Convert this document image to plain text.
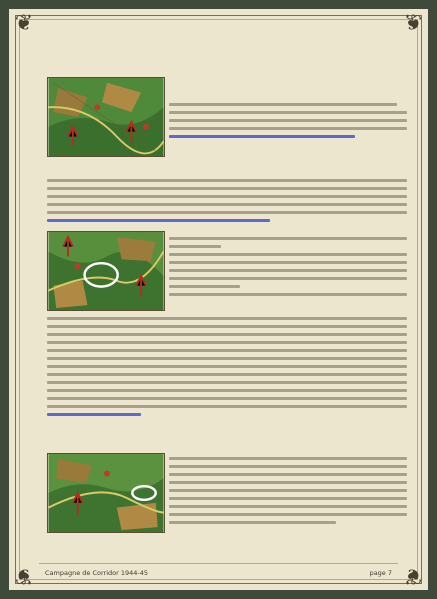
❦	❦
❦	❦
Campagne de Corridor 1944-45	page 7
